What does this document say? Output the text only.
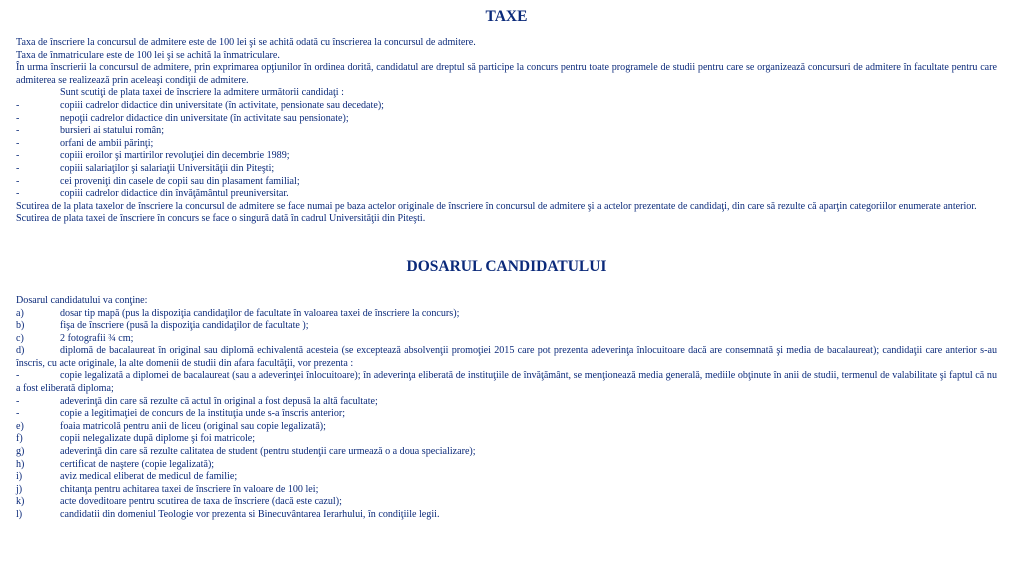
TAXE

Taxa de înscriere la concursul de admitere este de 100 lei şi se achită odată cu înscrierea la concursul de admitere.

Taxa de înmatriculare este de 100 lei şi se achită la înmatriculare.

În urma înscrierii la concursul de admitere, prin exprimarea opţiunilor în ordinea dorită, candidatul are dreptul să participe la concurs pentru toate programele de studii pentru care se organizează concursuri de admitere în facultate pentru care admiterea se realizează prin aceleaşi condiţii de admitere.

Sunt scutiţi de plata taxei de înscriere la admitere următorii candidaţi :

-	copiii cadrelor didactice din universitate (în activitate, pensionate sau decedate);
-	nepoţii cadrelor didactice din universitate (în activitate sau pensionate);
-	bursieri ai statului român;
-	orfani de ambii părinţi;
-	copiii eroilor şi martirilor revoluţiei din decembrie 1989;
-	copiii salariaţilor şi salariaţii Universităţii din Piteşti;
-	cei proveniţi din casele de copii sau din plasament familial;
-	copiii cadrelor didactice din învăţământul preuniversitar.

Scutirea de la plata taxelor de înscriere la concursul de admitere se face numai pe baza actelor originale de înscriere în concursul de admitere şi a actelor prezentate de candidaţi, din care să rezulte că aparţin categoriilor enumerate anterior.

Scutirea de plata taxei de înscriere în concurs se face o singură dată în cadrul Universităţii din Piteşti.

DOSARUL CANDIDATULUI

Dosarul candidatului va conţine:

a)	dosar tip mapă (pus la dispoziţia candidaţilor de facultate în valoarea taxei de înscriere la concurs);
b)	fişa de înscriere (pusă la dispoziţia candidaţilor de facultate );
c)	2 fotografii ¾ cm;

d)	diplomă de bacalaureat în original sau diplomă echivalentă acesteia (se exceptează absolvenţii promoţiei 2015 care pot prezenta adeverinţa înlocuitoare dacă are consemnată şi media de bacalaureat); candidaţii care anterior s-au înscris, cu acte originale, la alte domenii de studii din afara facultăţii, vor prezenta :

-	copie legalizată a diplomei de bacalaureat (sau a adeverinţei înlocuitoare); în adeverinţa eliberată de instituţiile de învăţământ, se menţionează media generală, mediile obţinute în anii de studii, termenul de valabilitate şi faptul că nu a fost eliberată diploma;

-	adeverinţă din care să rezulte că actul în original a fost depusă la altă facultate;
-	copie a legitimaţiei de concurs de la instituţia unde s-a înscris anterior;
e)	foaia matricolă pentru anii de liceu (original sau copie legalizată);
f)	copii nelegalizate după diplome şi foi matricole;
g)	adeverinţă din care să rezulte calitatea de student (pentru studenţii care urmează o a doua specializare);
h)	certificat de naştere (copie legalizată);
i)	aviz medical eliberat de medicul de familie;
j)	chitanţa pentru achitarea taxei de înscriere în valoare de 100 lei;
k)	acte doveditoare pentru scutirea de taxa de înscriere (dacă este cazul);
l)	candidatii din domeniul Teologie vor prezenta si Binecuvântarea Ierarhului, în condiţiile legii.
